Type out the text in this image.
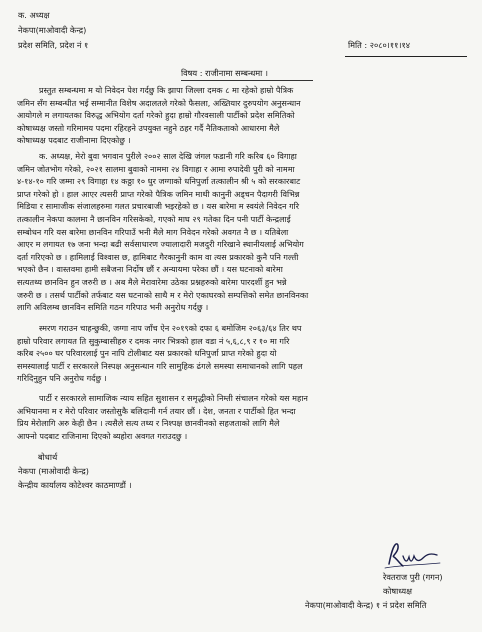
क. अध्यक्ष
नेकपा(माओवादी केन्द्र)
प्रदेश समिति, प्रदेश नं १	मिति : २०८०।११।१४
विषय : राजीनामा सम्बन्धमा ।
प्रस्तुत सम्बन्धमा म यो निवेदन पेश गर्दछु कि झापा जिल्ला दमक ८ मा रहेको हाम्रो पैत्रिक
जमिन सँग सम्बन्धीत भई सम्मानीत विशेष अदालतले गरेको फैसला, अख्तियार दुरुपयोग अनुसन्धान
आयोगले म लगायतका विरुद्ध अभियोग दर्ता गरेको हुदा हाम्रो गौरवसाली पार्टीको प्रदेश समितिको
कोषाध्यक्ष जस्तो गरिमामय पदमा रहिरहने उपयुक्त नहुने ठहर गर्दै नैतिकताको आधारमा मैले
कोषाध्यक्ष पदबाट राजीनामा दिएकोछु ।
क. अध्यक्ष, मेरो बुवा भगवान पुरीले २००२ साल देखि जंगल फडानी गरि करिब ६० विगाहा
जमिन जोतभोग गरेको, २०२१ सालमा बुवाको नाममा २४ विगाहा र आमा रुपादेवी पुरी को नाममा
४-१४-१० गरि जम्मा २९ विगाहा १४ कठ्ठा १० धुर जग्गाको धनिपुर्जा तत्कालीन श्री ५ को सरकारबाट
प्राप्त गरेको हो । हाल आएर त्यसरी प्राप्त गरेको पैत्रिक जमिन माथी कानुनी अड्चन पैदागरी विभिन्न
मिडिया र सामाजीक संजालहरुमा गलत प्रचारबाजी भइरहेको छ । यस बारेमा म स्वयंले निवेदन गरि
तत्कालीन नेकपा कालमा नै छानविन गरिसकेको, गएको माघ २९ गतेका दिन पनी पार्टी केन्द्रलाई
सम्बोधन गरि यस बारेमा छानविन गरिपाउँ भनी मैले माग निवेदन गरेको अवगत नै छ । यतिबेला
आएर म लगायत १७ जना भन्दा बढी सर्वसाधारण ज्यालादारी मजदुरी गरिखाने स्थानीयलाई अभियोग
दर्ता गरिएको छ । हामिलाई विश्वास छ, हामिबाट गैरकानुनी काम वा त्यस प्रकारको कुनै पनि गल्ती
भएको छैन । वास्तवमा हामी सबैजना निर्दोष छौं र अन्यायमा परेका छौं । यस घटनाको बारेमा
सत्यतथ्य छानविन हुन जरुरी छ । अब मैले मेरावारेमा उठेका प्रश्नहरुको बारेमा पारदर्शी हुन भन्ने
जरुरी छ । तसर्थ पार्टीको तर्फबाट यस घटनाको साथै म र मेरो एकाघरको सम्पत्तिको समेत छानविनका
लागि अविलम्ब छानविन समिति गठन गरिपाउ भनी अनुरोध गर्दछु ।
स्मरण गराउन चाहन्छुकी, जग्गा नाप जाँच ऐन २०१९को दफा ६ बमोजिम २०६३/६४ तिर थप
हाम्रो परिवार लगायत ति सुकुम्बासीहरु र दमक नगर भित्रको हाल वडा नं ५,६,८,९ र १० मा गरि
करिब २५०० घर परिवारलाई पुन नापि टोलीबाट यस प्रकारको धनिपुर्जा प्राप्त गरेको हुदा यो
समस्यालाई पार्टी र सरकारले निस्पक्ष अनुसन्धान गरि सामुहिक ढंगले समस्या समाधानको लागि पहल
गरिदिनुहुन पनि अनुरोध गर्दछु ।
पार्टी र सरकारले सामाजिक न्याय सहित सुशासन र समृद्धीको निम्ती संचालन गरेको यस महान
अभियानमा म र मेरो परिवार जस्तोसुकै बलिदानी गर्न तयार छौं । देश, जनता र पार्टीको हित भन्दा
प्रिय मेरोलागि अरु केही छैन । त्यसैले सत्य तथ्य र निश्पक्ष छानवीनको सहजताको लागि मैले
आफ्नो पदबाट राजिनामा दिएको ब्यहोरा अवगत गराउदछु ।
बोधार्थ
नेकपा (माओवादी केन्द्र)
केन्द्रीय कार्यालय कोटेश्वर काठमाण्डौं ।
रेवतराज पुरी (गगन)
कोषाध्यक्ष
नेकपा(माओवादी केन्द्र) १ नं प्रदेश समिति
